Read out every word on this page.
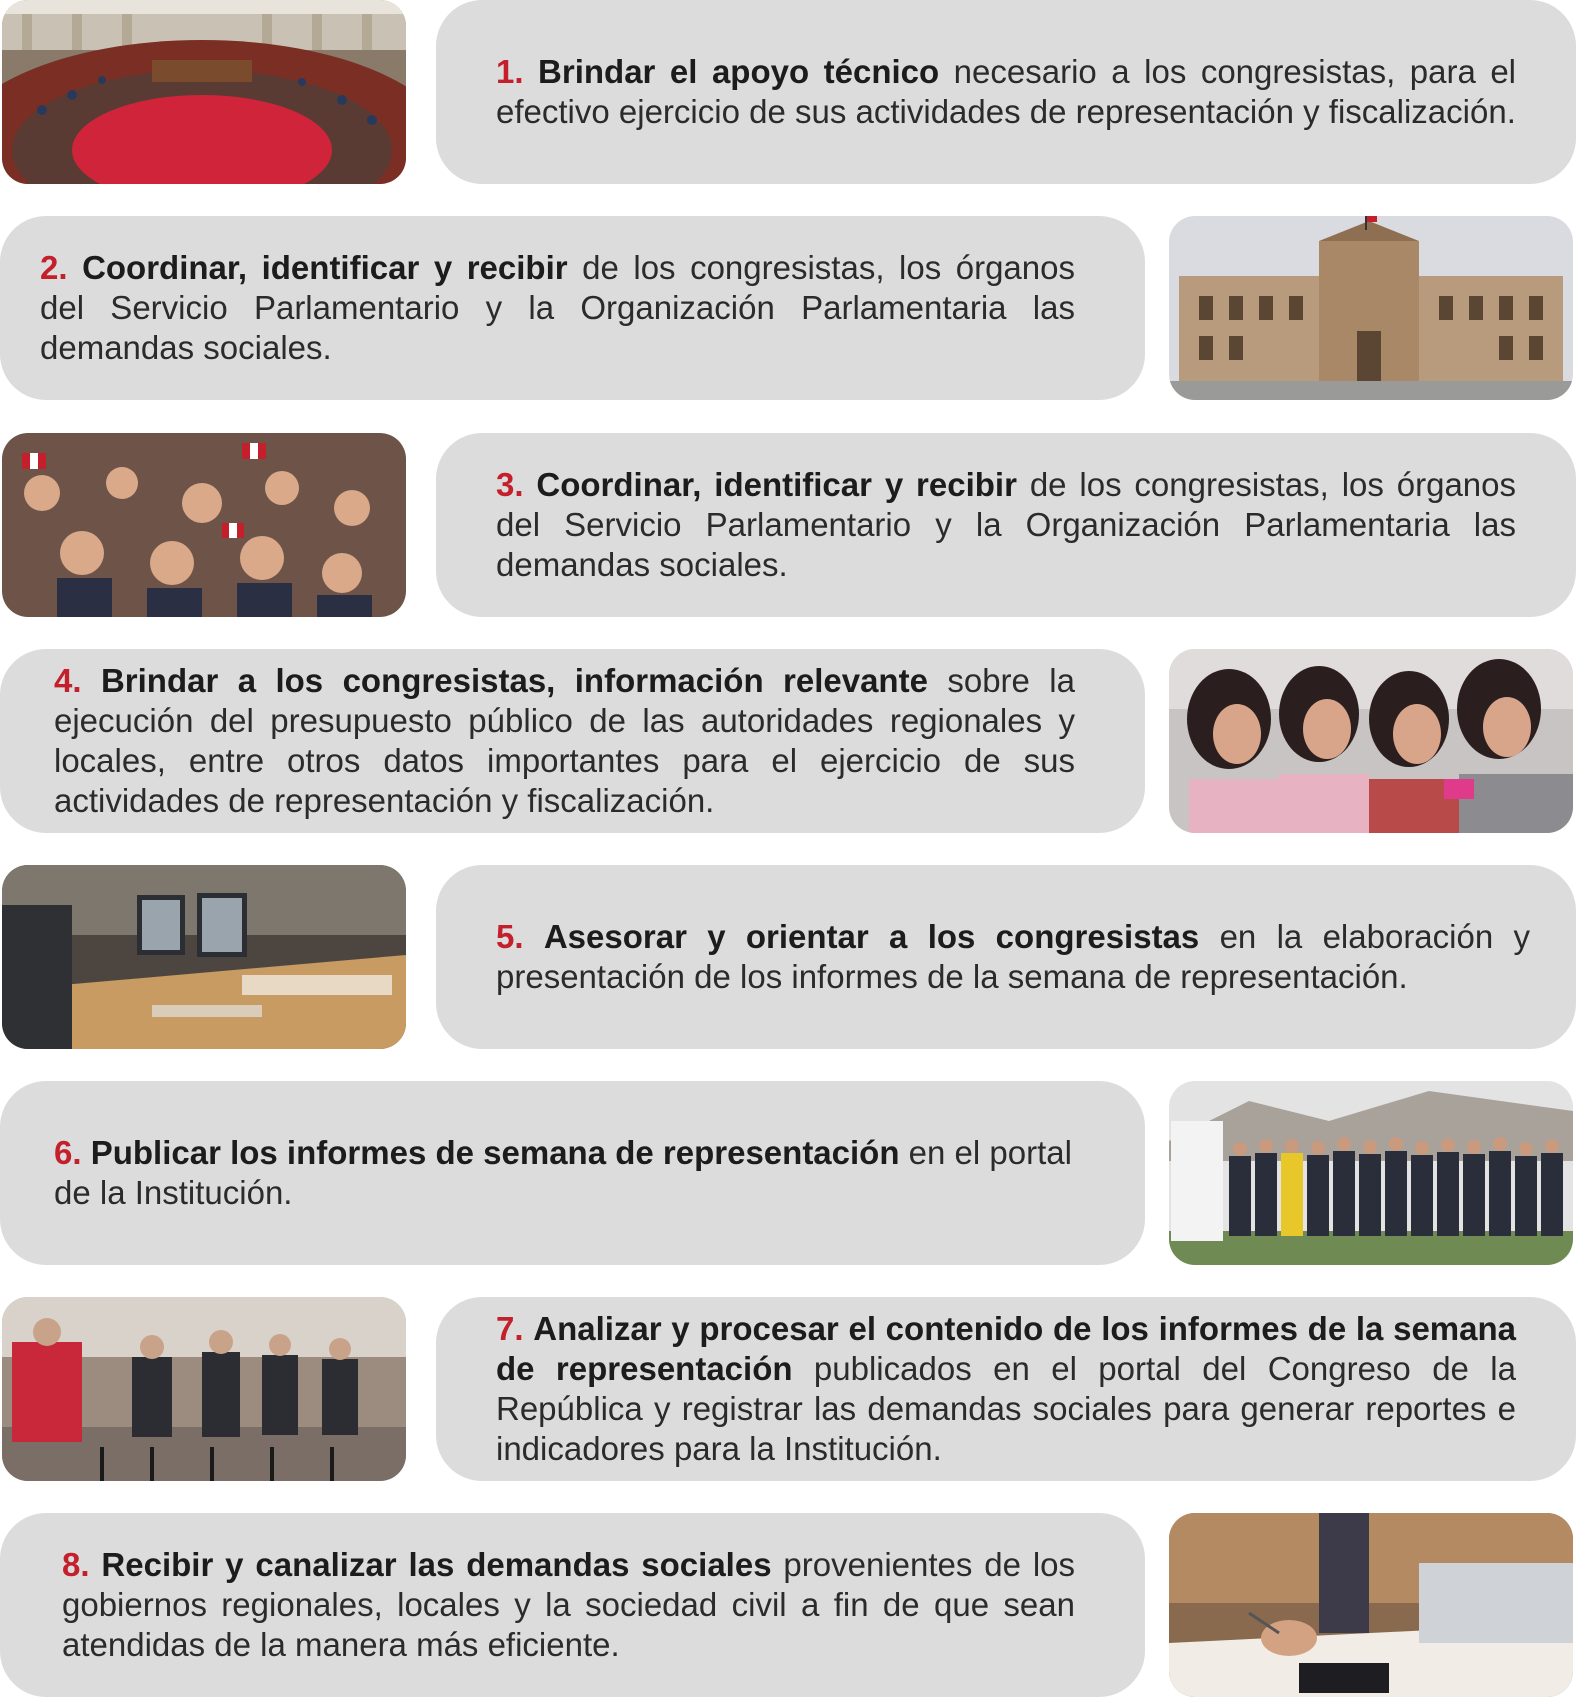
1. Brindar el apoyo técnico necesario a los congresistas, para el efectivo ejercicio de sus actividades de representación y fiscalización.
2. Coordinar, identificar y recibir de los congresistas, los órganos del Servicio Parlamentario y la Organización Parlamentaria las demandas sociales.
3. Coordinar, identificar y recibir de los congresistas, los órganos del Servicio Parlamentario y la Organización Parlamentaria las demandas sociales.
4. Brindar a los congresistas, información relevante sobre la ejecución del presupuesto público de las autoridades regionales y locales, entre otros datos importantes para el ejercicio de sus actividades de representación y fiscalización.
5. Asesorar y orientar a los congresistas en la elaboración y presentación de los informes de la semana de representación.
6. Publicar los informes de semana de representación en el portal de la Institución.
7. Analizar y procesar el contenido de los informes de la semana de representación publicados en el portal del Congreso de la República y registrar las demandas sociales para generar reportes e indicadores para la Institución.
8. Recibir y canalizar las demandas sociales provenientes de los gobiernos regionales, locales y la sociedad civil a fin de que sean atendidas de la manera más eficiente.
